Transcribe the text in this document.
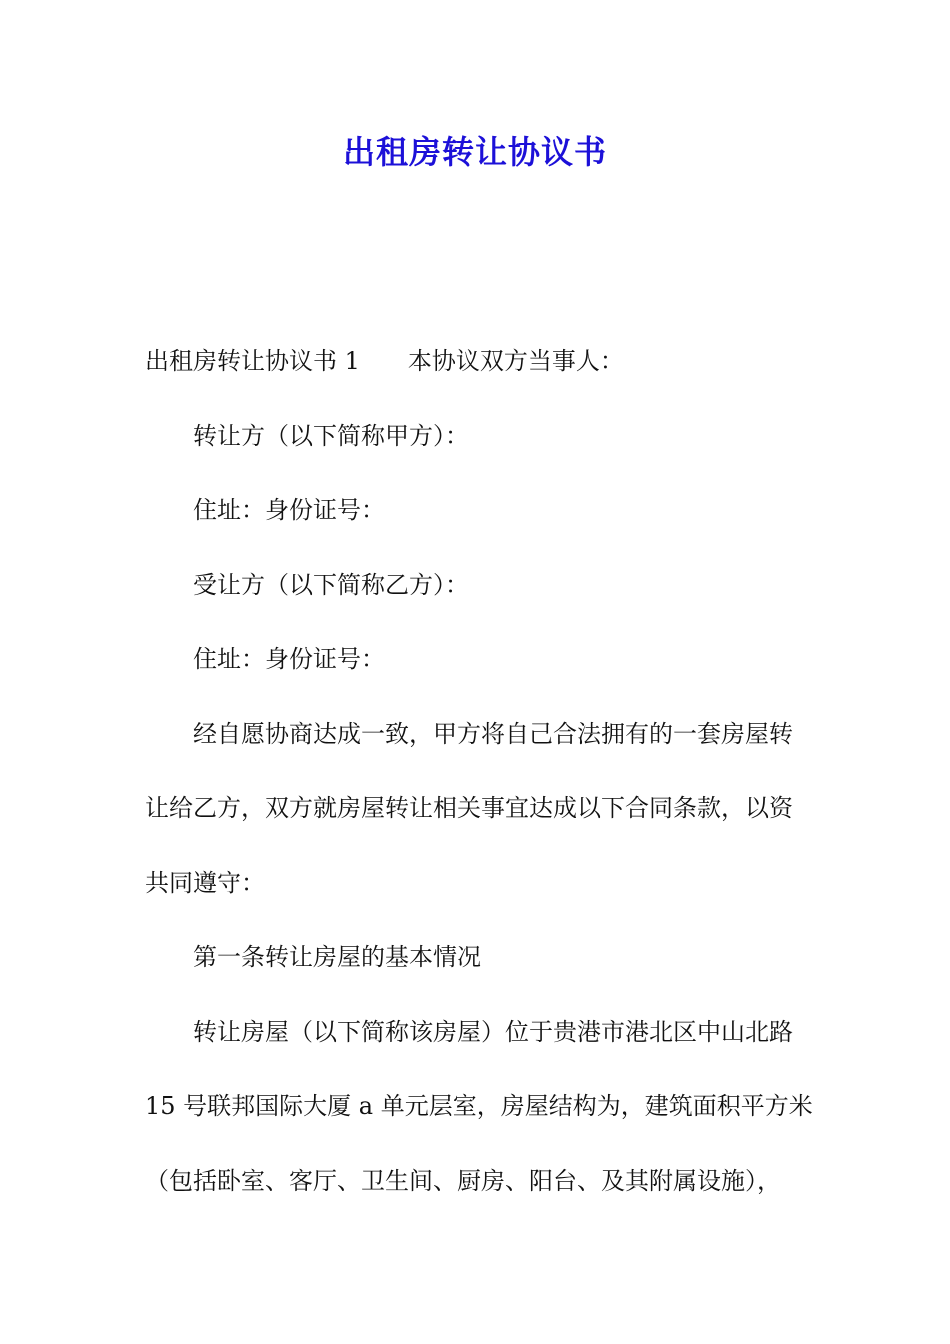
出租房转让协议书

出租房转让协议书 1 本协议双方当事人：

转让方（以下简称甲方）：

住址：身份证号：

受让方（以下简称乙方）：

住址：身份证号：

经自愿协商达成一致，甲方将自己合法拥有的一套房屋转

让给乙方，双方就房屋转让相关事宜达成以下合同条款，以资

共同遵守：

第一条转让房屋的基本情况

转让房屋（以下简称该房屋）位于贵港市港北区中山北路

15 号联邦国际大厦 a 单元层室，房屋结构为，建筑面积平方米

（包括卧室、客厅、卫生间、厨房、阳台、及其附属设施），
